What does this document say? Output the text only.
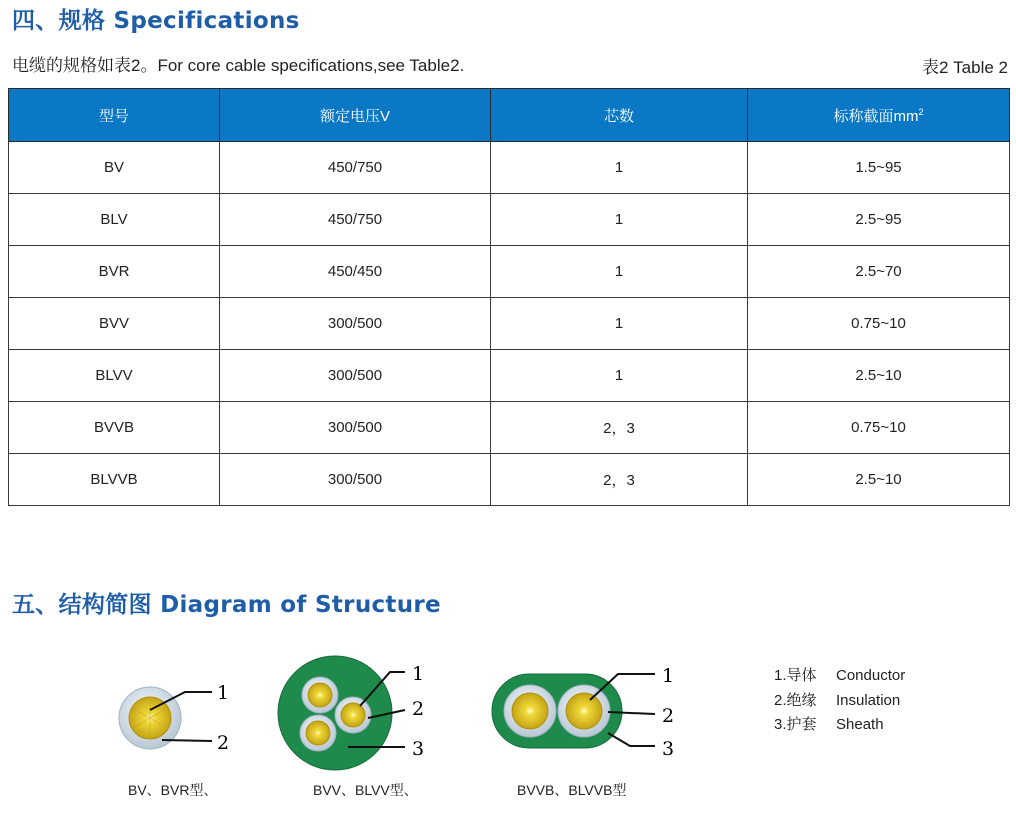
四、规格 Specifications
电缆的规格如表2。For core cable specifications,see Table2.	表2 Table 2
型号	额定电压V	芯数	标称截面$mm^2$
BV	450/750	1	1.5~95
BLV	450/750	1	2.5~95
BVR	450/450	1	2.5~70
BVV	300/500	1	0.75~10
BLVV	300/500	1	2.5~10
BVVB	300/500	2，3	0.75~10
BLVVB	300/500	2，3	2.5~10
五、结构简图 Diagram of Structure
1
2
1
2
3
1
2
3
BV、BVR型、	BVV、BLVV型、	BVVB、BLVVB型
1.导体 Conductor
2.绝缘 Insulation
3.护套 Sheath
